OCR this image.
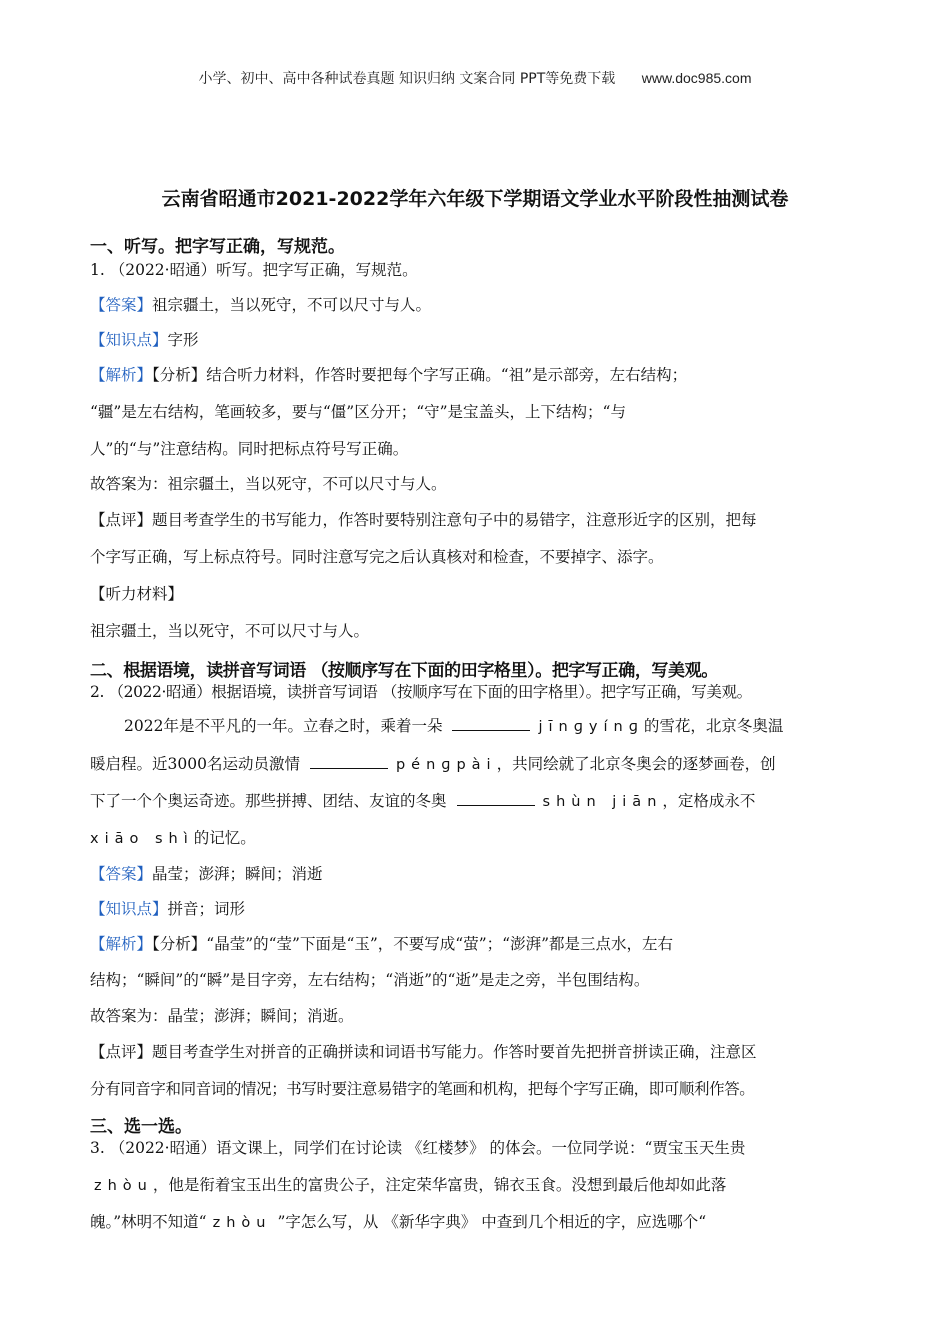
小学、初中、高中各种试卷真题 知识归纳 文案合同 PPT等免费下载 www.doc985.com
云南省昭通市2021-2022学年六年级下学期语文学业水平阶段性抽测试卷
一、听写。把字写正确，写规范。
1. （2022·昭通）听写。把字写正确，写规范。
【答案】祖宗疆土，当以死守，不可以尺寸与人。
【知识点】字形
【解析】【分析】结合听力材料，作答时要把每个字写正确。“祖”是示部旁，左右结构；
“疆”是左右结构，笔画较多，要与“僵”区分开；“守”是宝盖头，上下结构；“与
人”的“与”注意结构。同时把标点符号写正确。
故答案为：祖宗疆土，当以死守，不可以尺寸与人。
【点评】题目考查学生的书写能力，作答时要特别注意句子中的易错字，注意形近字的区别，把每
个字写正确，写上标点符号。同时注意写完之后认真核对和检查，不要掉字、添字。
【听力材料】
祖宗疆土，当以死守，不可以尺寸与人。
二、根据语境，读拼音写词语 （按顺序写在下面的田字格里）。把字写正确，写美观。
2. （2022·昭通）根据语境，读拼音写词语 （按顺序写在下面的田字格里）。把字写正确，写美观。
2022年是不平凡的一年。立春之时，乘着一朵	jīnɡyínɡ的雪花，北京冬奥温
暖启程。近3000名运动员激情	pénɡpài，共同绘就了北京冬奥会的逐梦画卷，创
下了一个个奥运奇迹。那些拼搏、团结、友谊的冬奥	shùn jiān，定格成永不
xiāo shì的记忆。
【答案】晶莹；澎湃；瞬间；消逝
【知识点】拼音；词形
【解析】【分析】“晶莹”的“莹”下面是“玉”，不要写成“萤”；“澎湃”都是三点水，左右
结构；“瞬间”的“瞬”是目字旁，左右结构；“消逝”的“逝”是走之旁，半包围结构。
故答案为：晶莹；澎湃；瞬间；消逝。
【点评】题目考查学生对拼音的正确拼读和词语书写能力。作答时要首先把拼音拼读正确，注意区
分有同音字和同音词的情况；书写时要注意易错字的笔画和机构，把每个字写正确，即可顺利作答。
三、选一选。
3. （2022·昭通）语文课上，同学们在讨论读 《红楼梦》 的体会。一位同学说：“贾宝玉天生贵
zhòu，他是衔着宝玉出生的富贵公子，注定荣华富贵，锦衣玉食。没想到最后他却如此落
魄。”林明不知道“ zhòu ”字怎么写，从 《新华字典》 中查到几个相近的字，应选哪个“
